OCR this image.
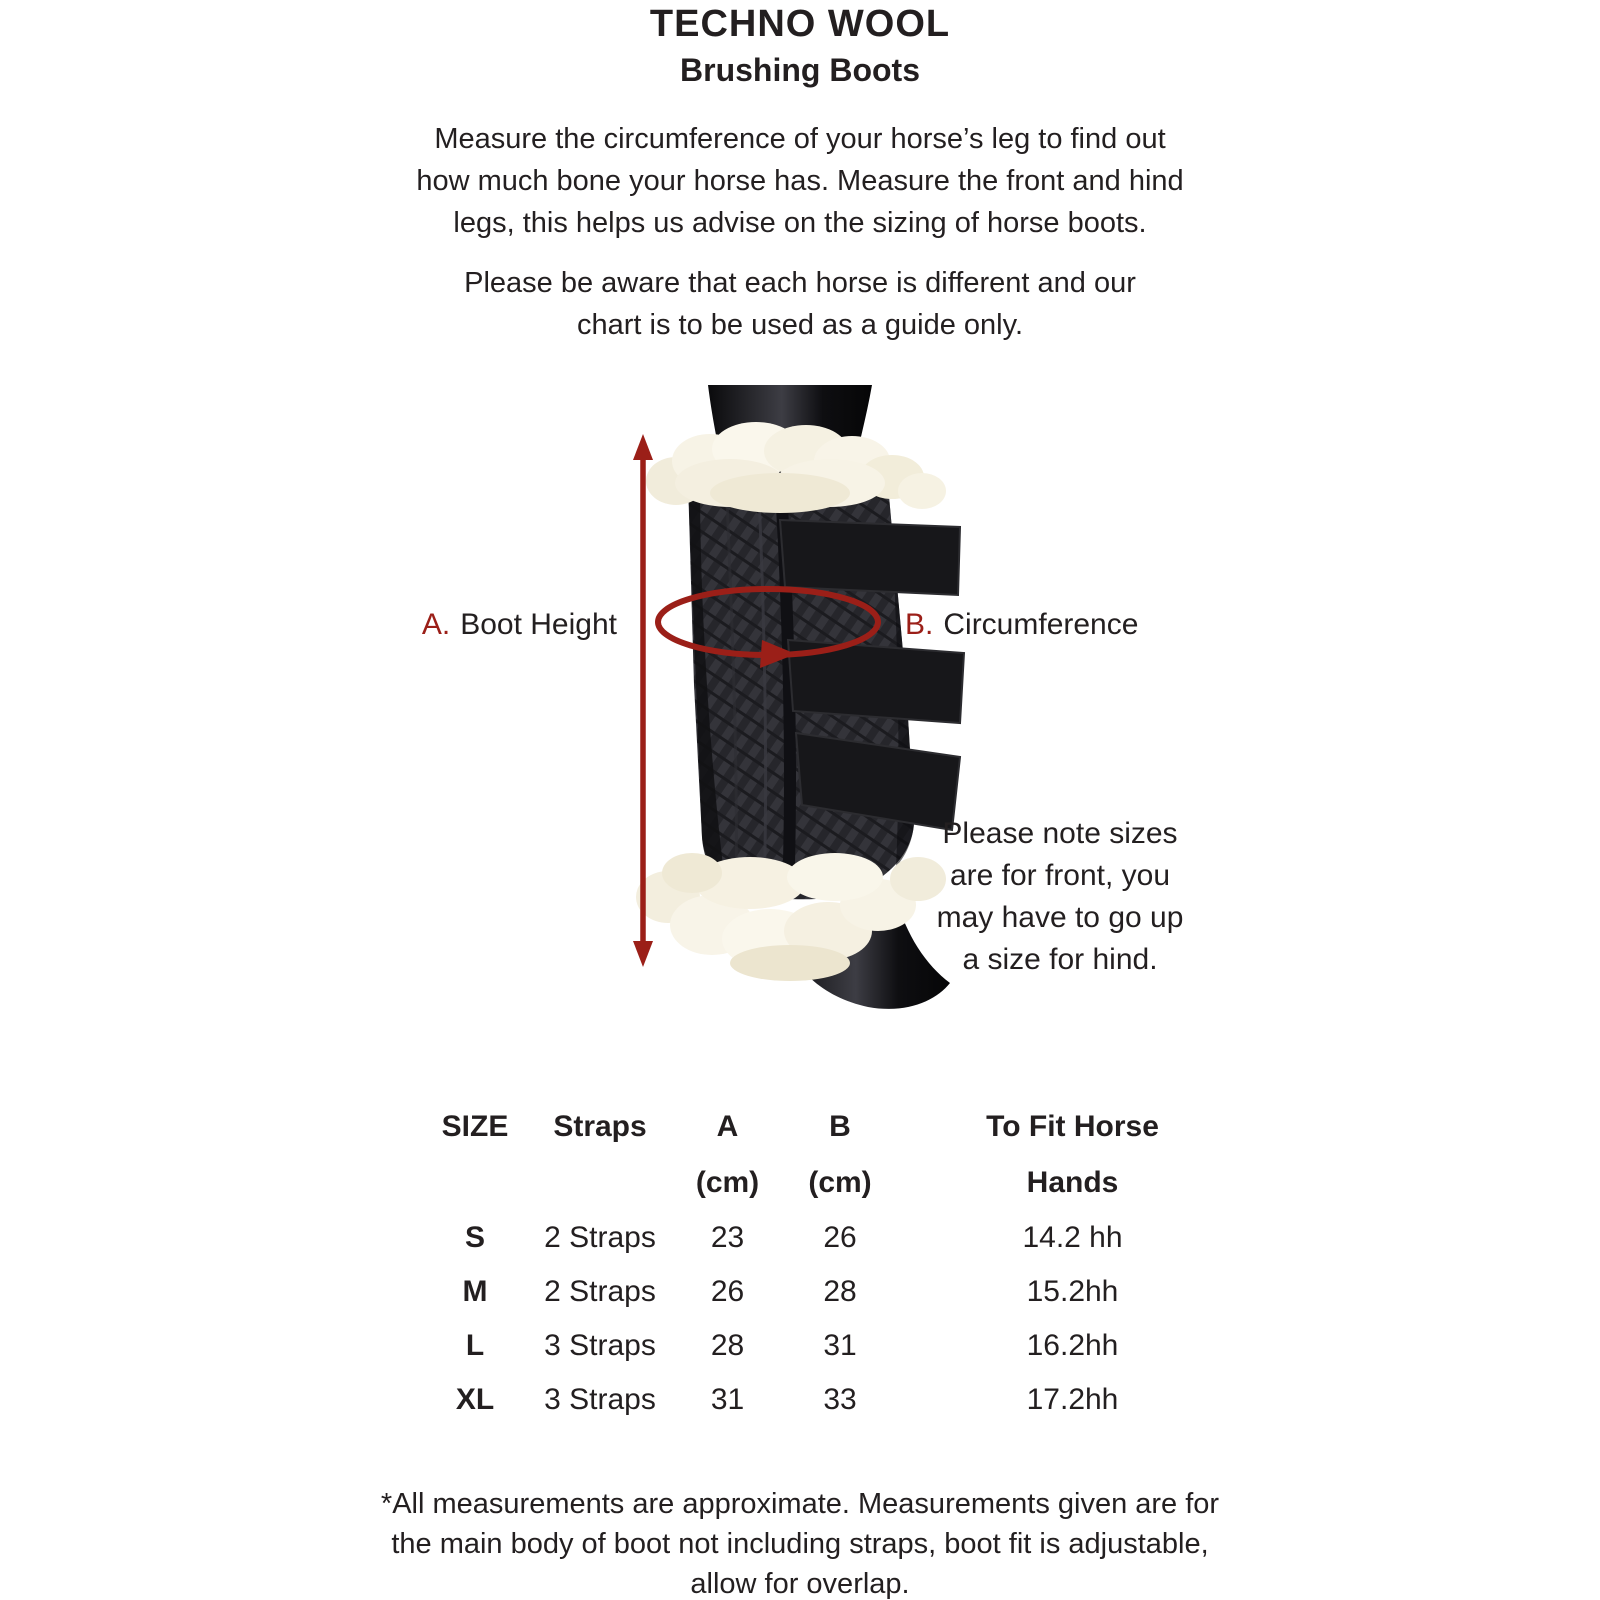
TECHNO WOOL
Brushing Boots
Measure the circumference of your horse’s leg to find out
how much bone your horse has. Measure the front and hind
legs, this helps us advise on the sizing of horse boots.
Please be aware that each horse is different and our
chart is to be used as a guide only.
A. Boot Height	B. Circumference
Please note sizes
are for front, you
may have to go up
a size for hind.
SIZE	Straps	A	B	To Fit Horse
		(cm)	(cm)	Hands
S	2 Straps	23	26	14.2 hh
M	2 Straps	26	28	15.2hh
L	3 Straps	28	31	16.2hh
XL	3 Straps	31	33	17.2hh
*All measurements are approximate. Measurements given are for
the main body of boot not including straps, boot fit is adjustable,
allow for overlap.
